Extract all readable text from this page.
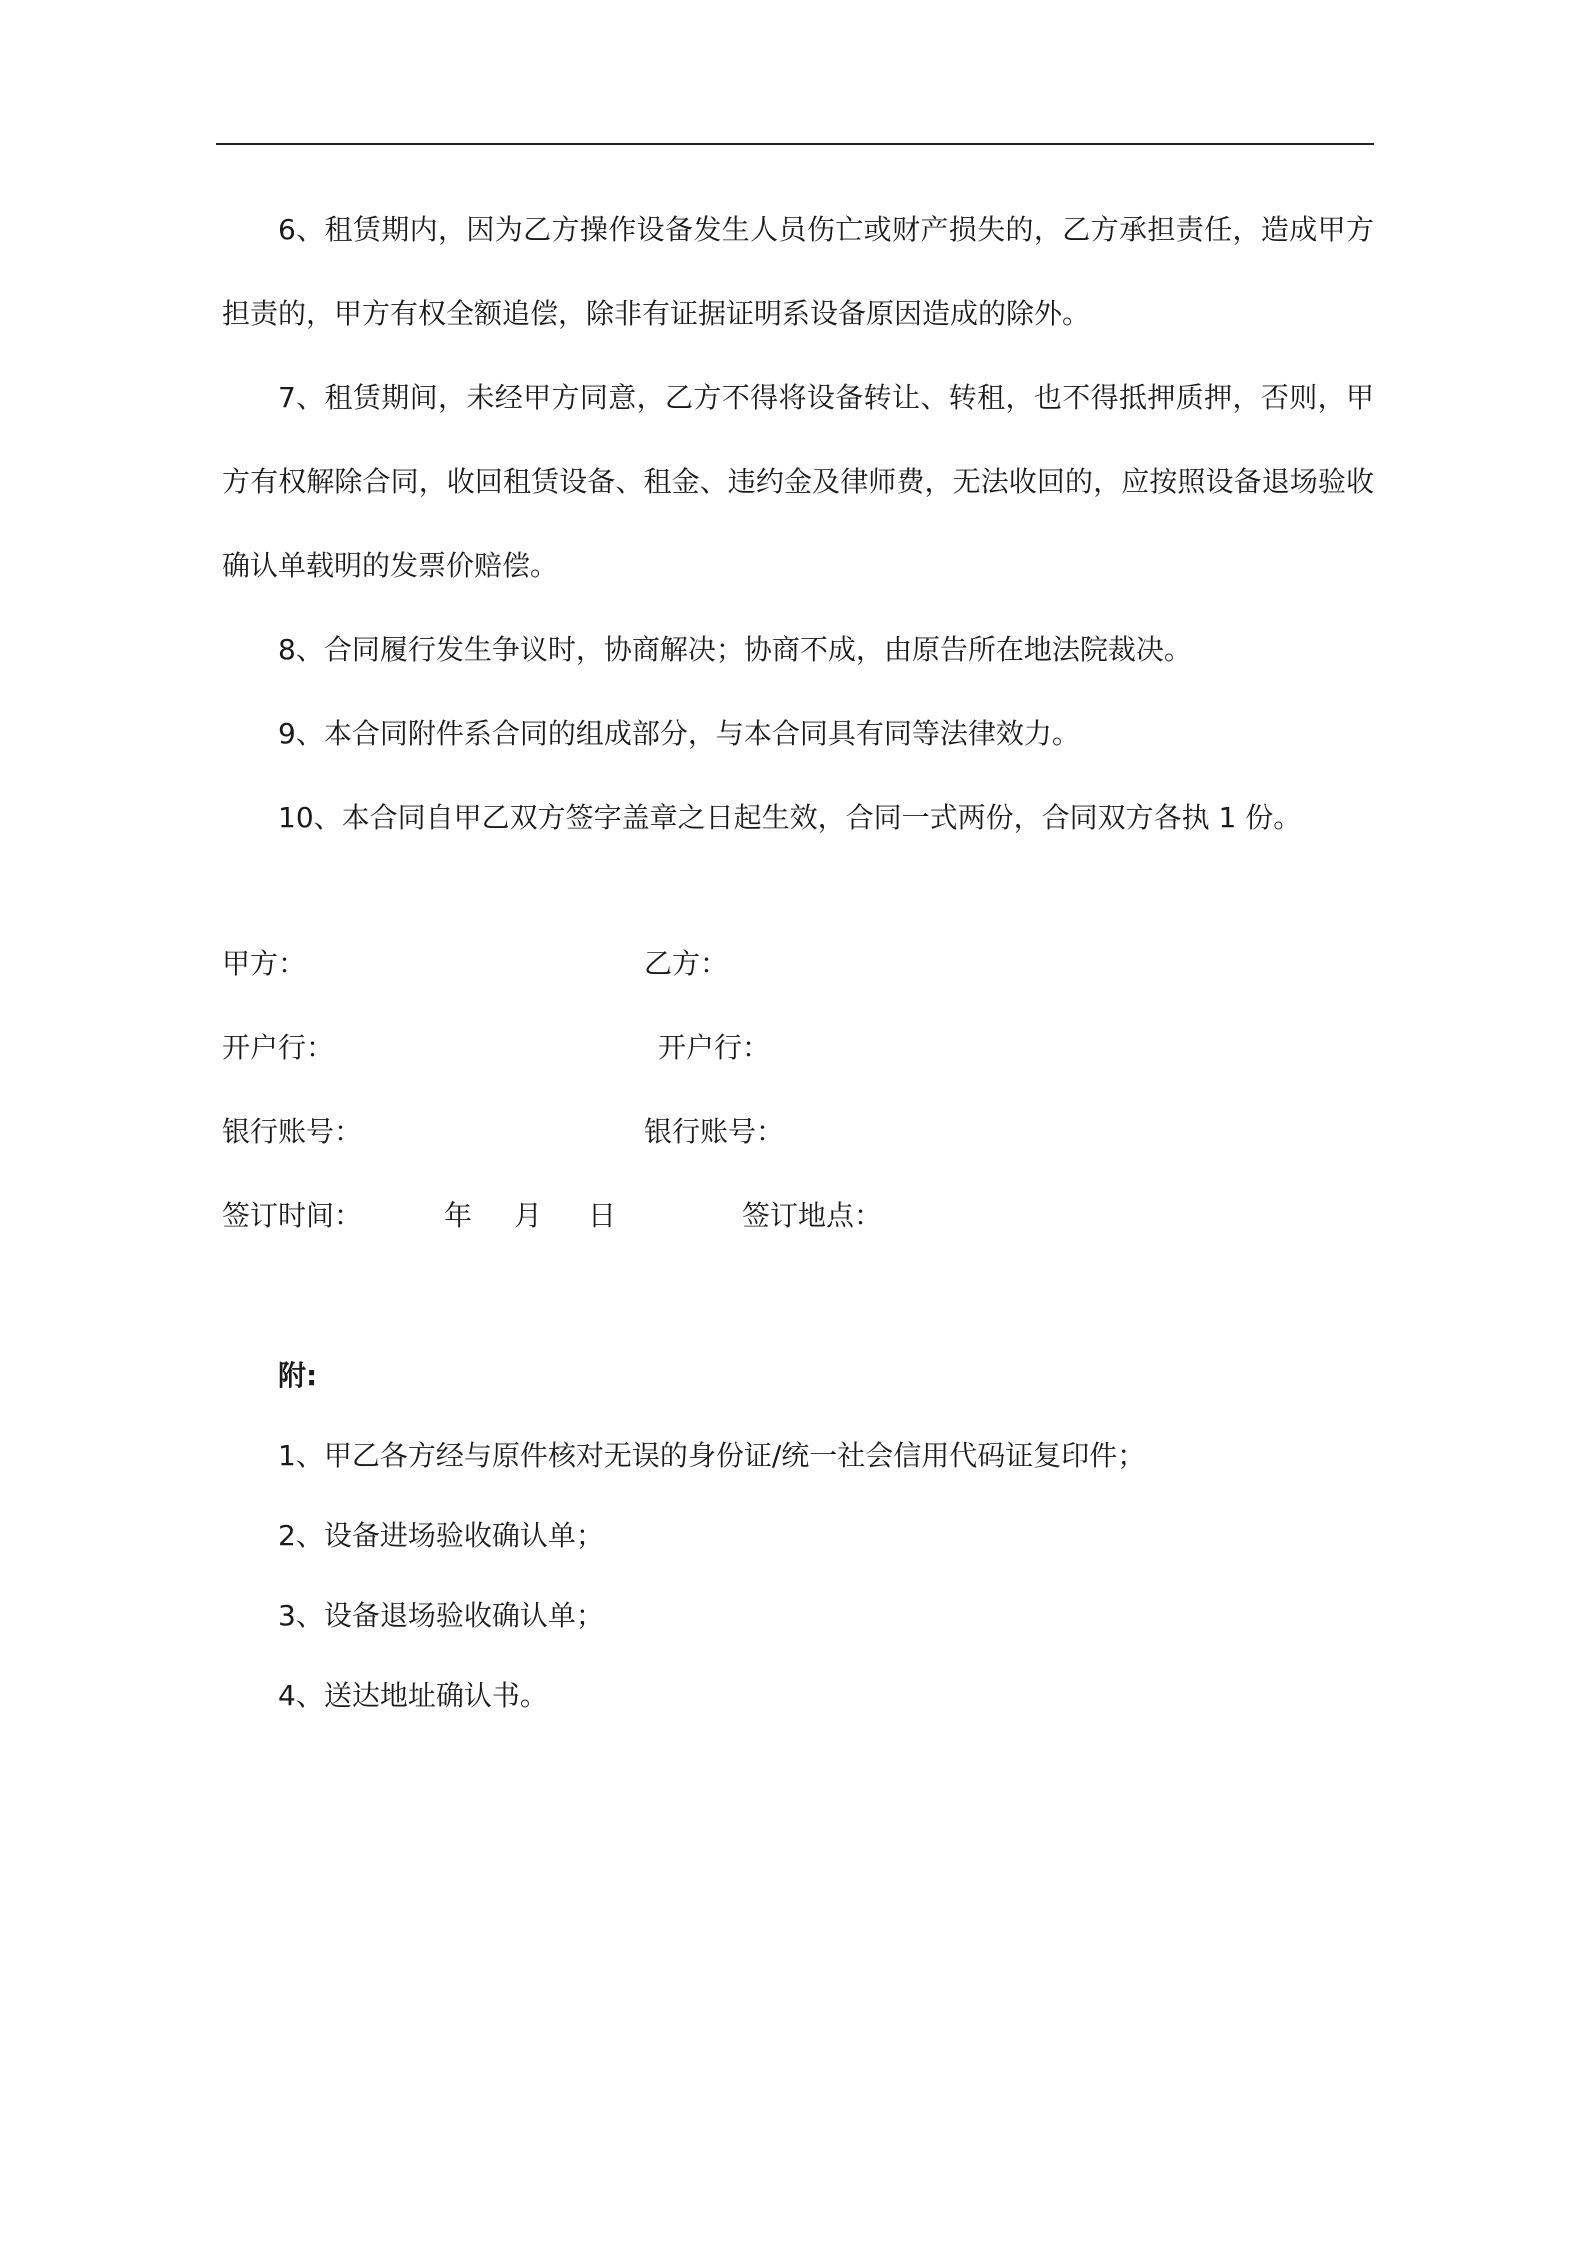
6、租赁期内，因为乙方操作设备发生人员伤亡或财产损失的，乙方承担责任，造成甲方担责的，甲方有权全额追偿，除非有证据证明系设备原因造成的除外。

7、租赁期间，未经甲方同意，乙方不得将设备转让、转租，也不得抵押质押，否则，甲方有权解除合同，收回租赁设备、租金、违约金及律师费，无法收回的，应按照设备退场验收确认单载明的发票价赔偿。

8、合同履行发生争议时，协商解决；协商不成，由原告所在地法院裁决。

9、本合同附件系合同的组成部分，与本合同具有同等法律效力。

10、本合同自甲乙双方签字盖章之日起生效，合同一式两份，合同双方各执 1 份。

甲方：	乙方：
开户行：	开户行：
银行账号：	银行账号：
签订时间：	年 月 日	签订地点：
附:
1、甲乙各方经与原件核对无误的身份证/统一社会信用代码证复印件；
2、设备进场验收确认单；
3、设备退场验收确认单；
4、送达地址确认书。
